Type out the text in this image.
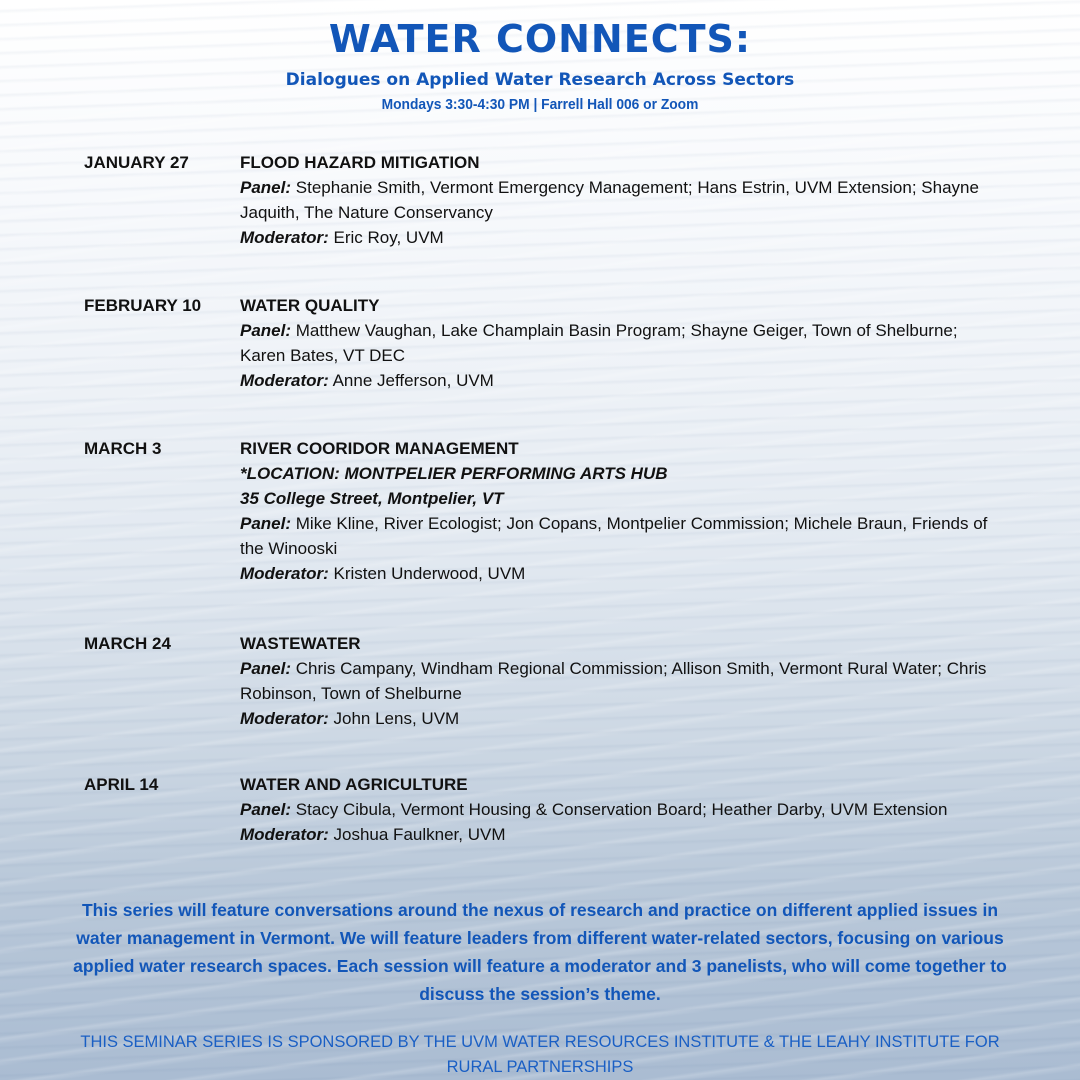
WATER CONNECTS:

Dialogues on Applied Water Research Across Sectors

Mondays 3:30-4:30 PM | Farrell Hall 006 or Zoom

JANUARY 27	FLOOD HAZARD MITIGATION
Panel: Stephanie Smith, Vermont Emergency Management; Hans Estrin, UVM Extension; Shayne Jaquith, The Nature Conservancy
Moderator: Eric Roy, UVM
FEBRUARY 10	WATER QUALITY
Panel: Matthew Vaughan, Lake Champlain Basin Program; Shayne Geiger, Town of Shelburne; Karen Bates, VT DEC
Moderator: Anne Jefferson, UVM
MARCH 3	RIVER COORIDOR MANAGEMENT
*LOCATION: MONTPELIER PERFORMING ARTS HUB
35 College Street, Montpelier, VT
Panel: Mike Kline, River Ecologist; Jon Copans, Montpelier Commission; Michele Braun, Friends of the Winooski
Moderator: Kristen Underwood, UVM
MARCH 24	WASTEWATER
Panel: Chris Campany, Windham Regional Commission; Allison Smith, Vermont Rural Water; Chris Robinson, Town of Shelburne
Moderator: John Lens, UVM
APRIL 14	WATER AND AGRICULTURE
Panel: Stacy Cibula, Vermont Housing & Conservation Board; Heather Darby, UVM Extension
Moderator: Joshua Faulkner, UVM

This series will feature conversations around the nexus of research and practice on different applied issues in water management in Vermont. We will feature leaders from different water-related sectors, focusing on various applied water research spaces. Each session will feature a moderator and 3 panelists, who will come together to discuss the session’s theme.

THIS SEMINAR SERIES IS SPONSORED BY THE UVM WATER RESOURCES INSTITUTE & THE LEAHY INSTITUTE FOR RURAL PARTNERSHIPS
